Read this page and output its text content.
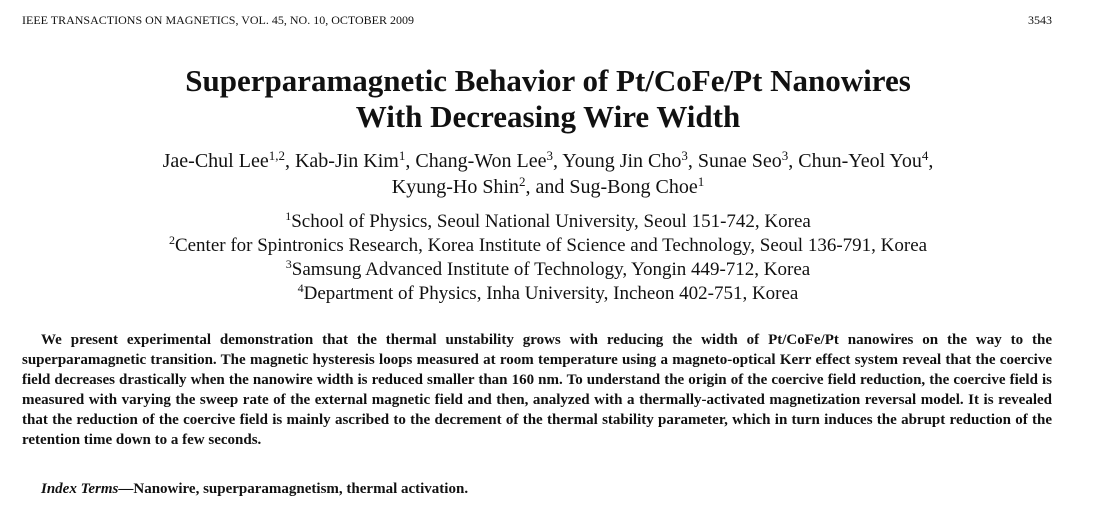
IEEE TRANSACTIONS ON MAGNETICS, VOL. 45, NO. 10, OCTOBER 2009	3543
Superparamagnetic Behavior of Pt/CoFe/Pt Nanowires
With Decreasing Wire Width
Jae-Chul Lee$^{1,2}$, Kab-Jin Kim$^1$, Chang-Won Lee$^3$, Young Jin Cho$^3$, Sunae Seo$^3$, Chun-Yeol You$^4$,
Kyung-Ho Shin$^2$, and Sug-Bong Choe$^1$
$^1$School of Physics, Seoul National University, Seoul 151-742, Korea
$^2$Center for Spintronics Research, Korea Institute of Science and Technology, Seoul 136-791, Korea
$^3$Samsung Advanced Institute of Technology, Yongin 449-712, Korea
$^4$Department of Physics, Inha University, Incheon 402-751, Korea

We present experimental demonstration that the thermal unstability grows with reducing the width of Pt/CoFe/Pt nanowires on the way to the superparamagnetic transition. The magnetic hysteresis loops measured at room temperature using a magneto-optical Kerr effect system reveal that the coercive field decreases drastically when the nanowire width is reduced smaller than 160 nm. To understand the origin of the coercive field reduction, the coercive field is measured with varying the sweep rate of the external magnetic field and then, analyzed with a thermally-activated magnetization reversal model. It is revealed that the reduction of the coercive field is mainly ascribed to the decrement of the thermal stability parameter, which in turn induces the abrupt reduction of the retention time down to a few seconds.

Index Terms—Nanowire, superparamagnetism, thermal activation.
